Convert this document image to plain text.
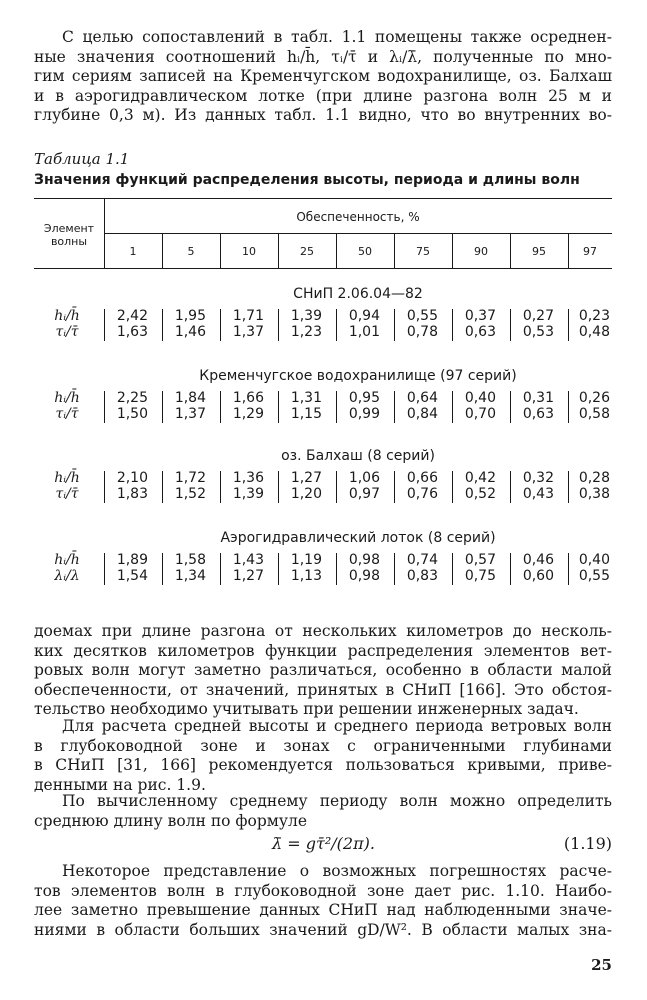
С целью сопоставлений в табл. 1.1 помещены также осреднен-
ные значения соотношений hᵢ/h̄, τᵢ/τ̄ и λᵢ/λ̄, полученные по мно-
гим сериям записей на Кременчугском водохранилище, оз. Балхаш
и в аэрогидравлическом лотке (при длине разгона волн 25 м и
глубине 0,3 м). Из данных табл. 1.1 видно, что во внутренних во-
Таблица 1.1
Значения функций распределения высоты, периода и длины волн
Элемент волны
Обеспеченность, %
1	5	10	25	50	75	90	95	97
СНиП 2.06.04—82
hᵢ/h̄	2,42	1,95	1,71	1,39	0,94	0,55	0,37	0,27	0,23
τᵢ/τ̄	1,63	1,46	1,37	1,23	1,01	0,78	0,63	0,53	0,48
Кременчугское водохранилище (97 серий)
hᵢ/h̄	2,25	1,84	1,66	1,31	0,95	0,64	0,40	0,31	0,26
τᵢ/τ̄	1,50	1,37	1,29	1,15	0,99	0,84	0,70	0,63	0,58
оз. Балхаш (8 серий)
hᵢ/h̄	2,10	1,72	1,36	1,27	1,06	0,66	0,42	0,32	0,28
τᵢ/τ̄	1,83	1,52	1,39	1,20	0,97	0,76	0,52	0,43	0,38
Аэрогидравлический лоток (8 серий)
hᵢ/h̄	1,89	1,58	1,43	1,19	0,98	0,74	0,57	0,46	0,40
λᵢ/λ	1,54	1,34	1,27	1,13	0,98	0,83	0,75	0,60	0,55
доемах при длине разгона от нескольких километров до несколь-
ких десятков километров функции распределения элементов вет-
ровых волн могут заметно различаться, особенно в области малой
обеспеченности, от значений, принятых в СНиП [166]. Это обстоя-
тельство необходимо учитывать при решении инженерных задач.
Для расчета средней высоты и среднего периода ветровых волн
в глубоководной зоне и зонах с ограниченными глубинами
в СНиП [31, 166] рекомендуется пользоваться кривыми, приве-
денными на рис. 1.9.
По вычисленному среднему периоду волн можно определить
среднюю длину волн по формуле
λ̄ = gτ̄²/(2π).	(1.19)
Некоторое представление о возможных погрешностях расче-
тов элементов волн в глубоководной зоне дает рис. 1.10. Наибо-
лее заметно превышение данных СНиП над наблюденными значе-
ниями в области больших значений gD/W². В области малых зна-
25
